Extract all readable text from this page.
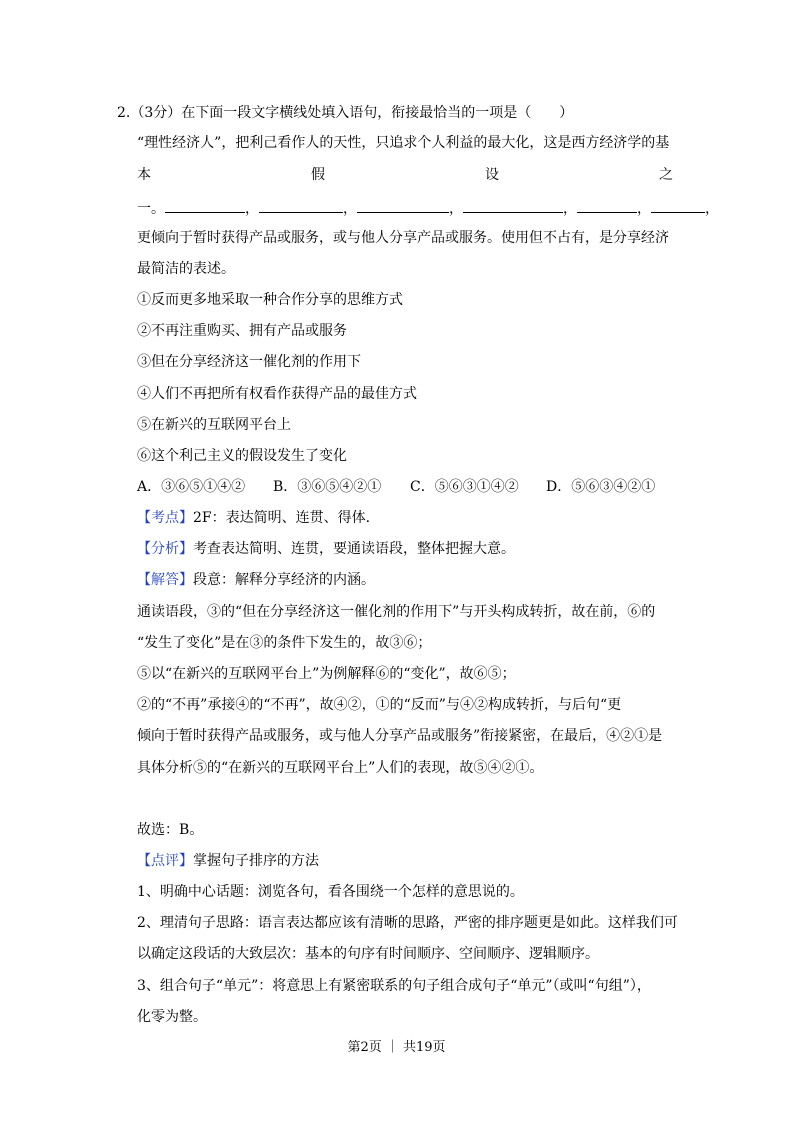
2.（3分）在下面一段文字横线处填入语句，衔接最恰当的一项是（　　）
“理性经济人”，把利己看作人的天性，只追求个人利益的最大化，这是西方经济学的基
本	假	设	之
一。	，	，	，	，	，	，
更倾向于暂时获得产品或服务，或与他人分享产品或服务。使用但不占有，是分享经济
最简洁的表述。
①反而更多地采取一种合作分享的思维方式
②不再注重购买、拥有产品或服务
③但在分享经济这一催化剂的作用下
④人们不再把所有权看作获得产品的最佳方式
⑤在新兴的互联网平台上
⑥这个利己主义的假设发生了变化
A．③⑥⑤①④② B．③⑥⑤④②① C．⑤⑥③①④② D．⑤⑥③④②①
【考点】2F：表达简明、连贯、得体.
【分析】考查表达简明、连贯，要通读语段，整体把握大意。
【解答】段意：解释分享经济的内涵。
通读语段，③的“但在分享经济这一催化剂的作用下”与开头构成转折，故在前，⑥的
“发生了变化”是在③的条件下发生的，故③⑥；
⑤以“在新兴的互联网平台上”为例解释⑥的“变化”，故⑥⑤；
②的“不再”承接④的“不再”，故④②，①的“反而”与④②构成转折，与后句“更
倾向于暂时获得产品或服务，或与他人分享产品或服务”衔接紧密，在最后，④②①是
具体分析⑤的“在新兴的互联网平台上”人们的表现，故⑤④②①。
故选：B。
【点评】掌握句子排序的方法
1、明确中心话题：浏览各句，看各围绕一个怎样的意思说的。
2、理清句子思路：语言表达都应该有清晰的思路，严密的排序题更是如此。这样我们可
以确定这段话的大致层次：基本的句序有时间顺序、空间顺序、逻辑顺序。
3、组合句子“单元”：将意思上有紧密联系的句子组合成句子“单元”（或叫“句组”），
化零为整。
第2页 ｜ 共19页
